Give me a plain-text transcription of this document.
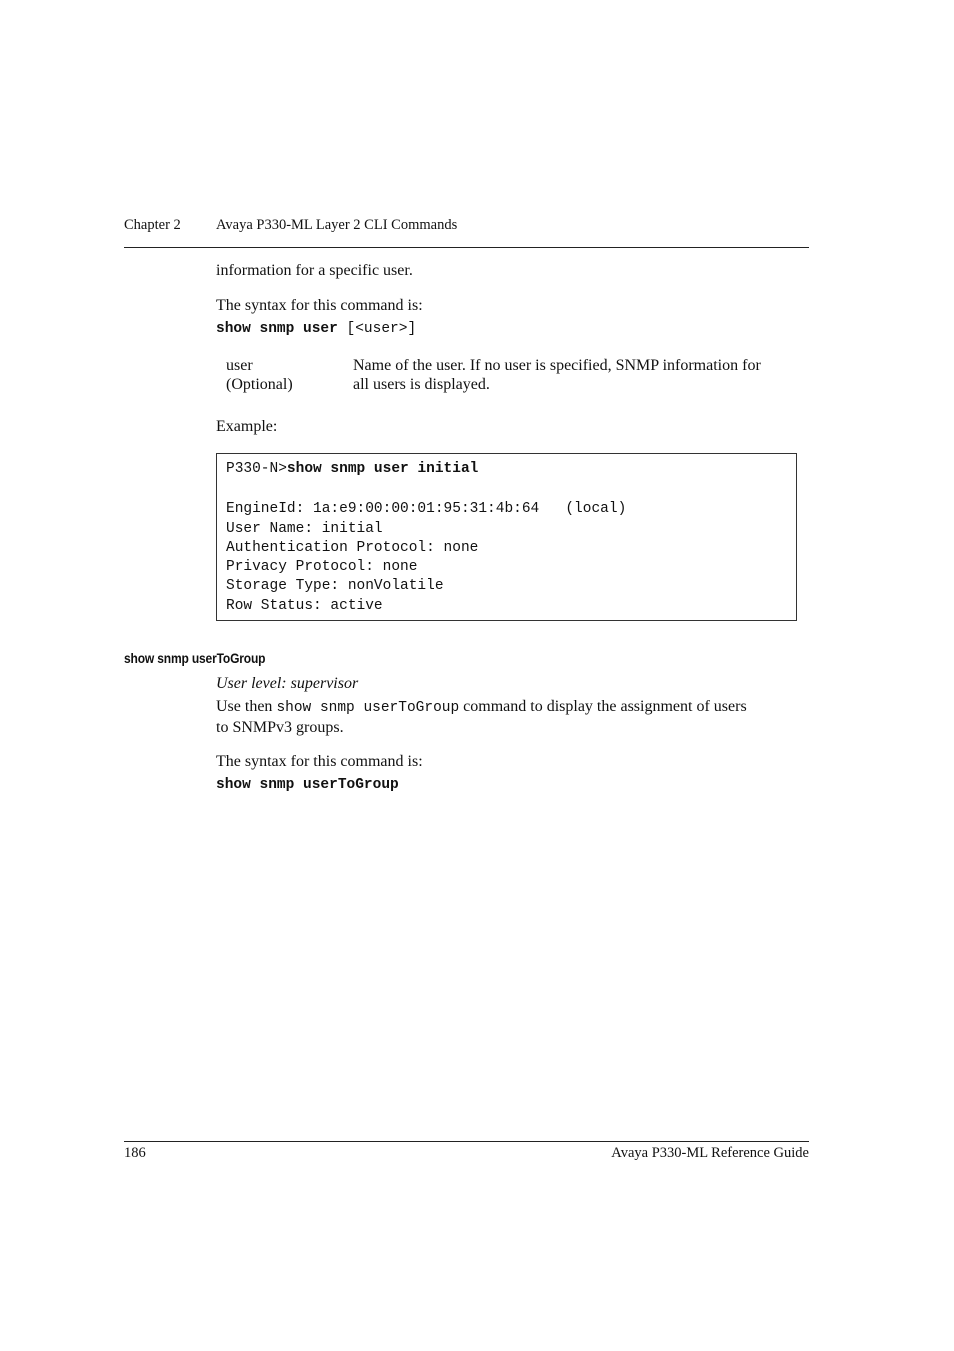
Chapter 2 Avaya P330-ML Layer 2 CLI Commands
information for a specific user.
The syntax for this command is:
show snmp user [<user>]
user
(Optional)
Name of the user. If no user is specified, SNMP information for
all users is displayed.
Example:
P330-N>show snmp user initial
EngineId: 1a:e9:00:00:01:95:31:4b:64   (local)
User Name: initial
Authentication Protocol: none
Privacy Protocol: none
Storage Type: nonVolatile
Row Status: active
show snmp userToGroup
User level: supervisor
Use then show snmp userToGroup command to display the assignment of users
to SNMPv3 groups.
The syntax for this command is:
show snmp userToGroup
186	Avaya P330-ML Reference Guide
